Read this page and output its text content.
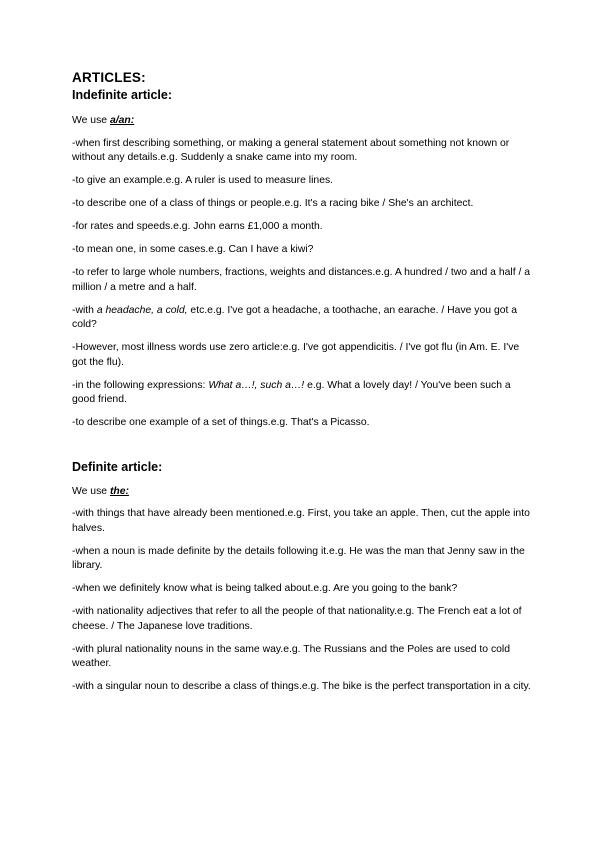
ARTICLES:
Indefinite article:

We use a/an:

-when first describing something, or making a general statement about something not known or without any details.e.g. Suddenly a snake came into my room.

-to give an example.e.g. A ruler is used to measure lines.

-to describe one of a class of things or people.e.g. It's a racing bike / She's an architect.

-for rates and speeds.e.g. John earns £1,000 a month.

-to mean one, in some cases.e.g. Can I have a kiwi?

-to refer to large whole numbers, fractions, weights and distances.e.g. A hundred / two and a half / a million / a metre and a half.

-with a headache, a cold, etc.e.g. I've got a headache, a toothache, an earache. / Have you got a cold?

-However, most illness words use zero article:e.g. I've got appendicitis. / I've got flu (in Am. E. I've got the flu).

-in the following expressions: What a…!, such a…! e.g. What a lovely day! / You've been such a good friend.

-to describe one example of a set of things.e.g. That's a Picasso.

Definite article:

We use the:

-with things that have already been mentioned.e.g. First, you take an apple. Then, cut the apple into halves.

-when a noun is made definite by the details following it.e.g. He was the man that Jenny saw in the library.

-when we definitely know what is being talked about.e.g. Are you going to the bank?

-with nationality adjectives that refer to all the people of that nationality.e.g. The French eat a lot of cheese. / The Japanese love traditions.

-with plural nationality nouns in the same way.e.g. The Russians and the Poles are used to cold weather.

-with a singular noun to describe a class of things.e.g. The bike is the perfect transportation in a city.
